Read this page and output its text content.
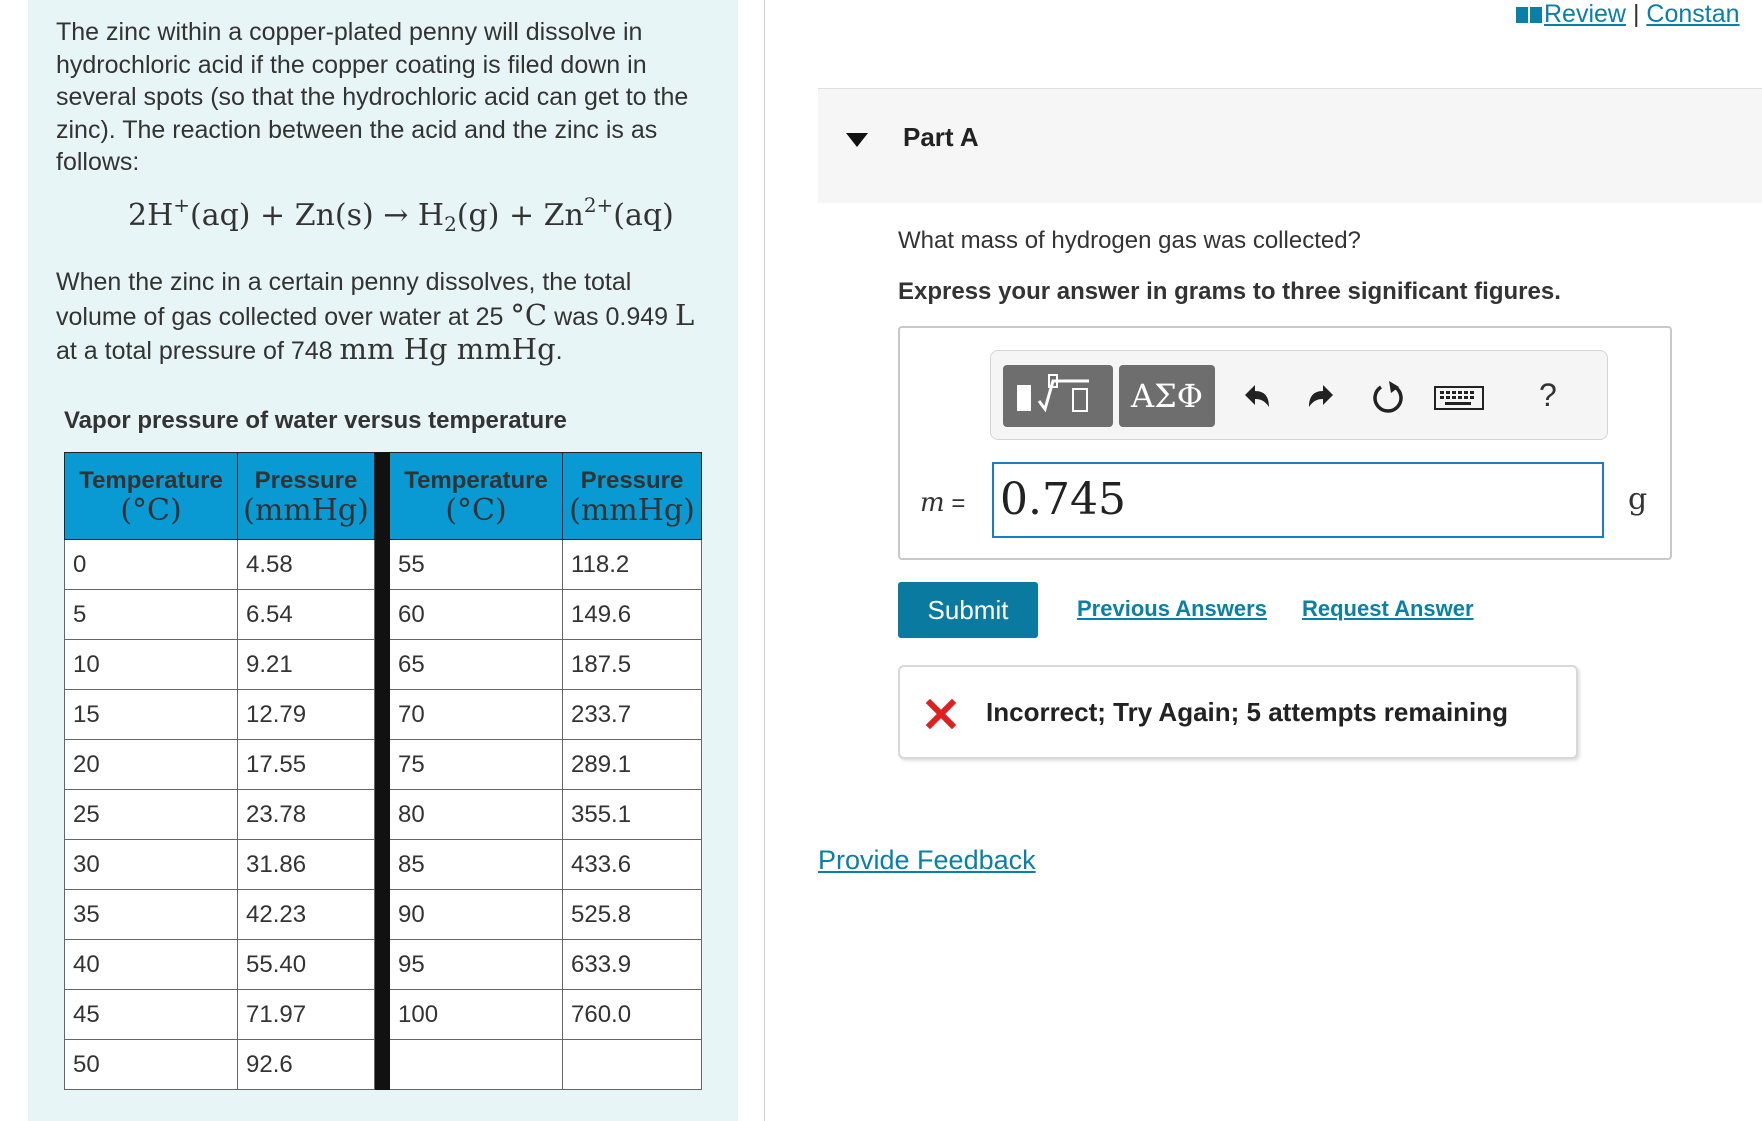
The zinc within a copper-plated penny will dissolve in hydrochloric acid if the copper coating is filed down in several spots (so that the hydrochloric acid can get to the zinc). The reaction between the acid and the zinc is as follows:
$2H^+(aq) + Zn(s) \to H_2(g) + Zn^{2+}(aq)$
When the zinc in a certain penny dissolves, the total volume of gas collected over water at 25 °C was 0.949 L at a total pressure of 748 mm Hg mmHg.
Vapor pressure of water versus temperature
Temperature
(°C)	Pressure
(mmHg)		Temperature
(°C)	Pressure
(mmHg)

0	4.58		55	118.2
5	6.54		60	149.6
10	9.21		65	187.5
15	12.79		70	233.7
20	17.55		75	289.1
25	23.78		80	355.1
30	31.86		85	433.6
35	42.23		90	525.8
40	55.40		95	633.9
45	71.97		100	760.0
50	92.6			
Review | Constan
Part A
What mass of hydrogen gas was collected?
Express your answer in grams to three significant figures.
ΑΣΦ	?
m = 0.745	g
Submit	Previous Answers Request Answer
Incorrect; Try Again; 5 attempts remaining
Provide Feedback
